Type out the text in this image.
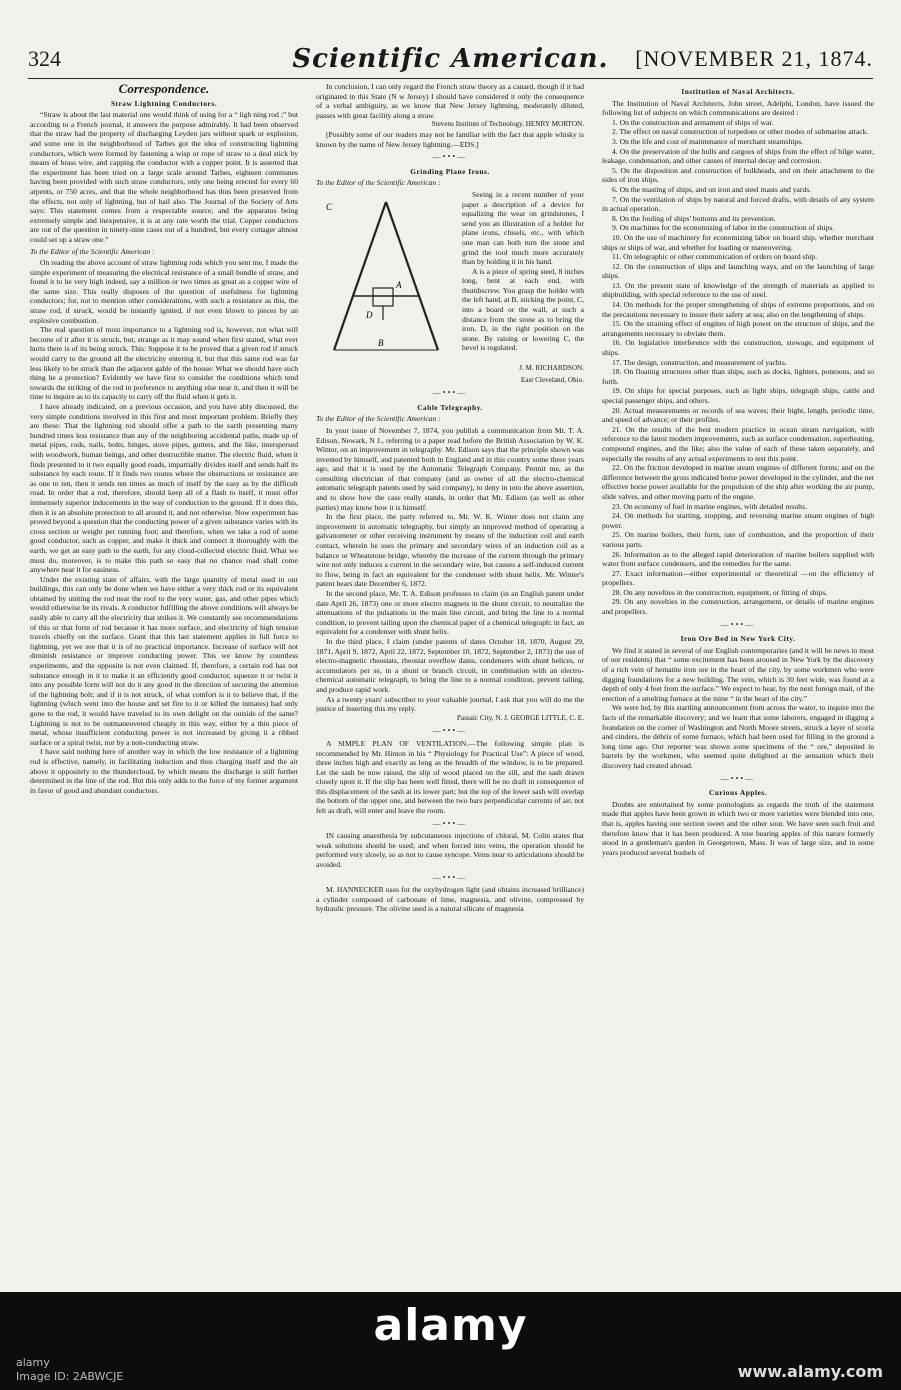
324	Scientific American.	[NOVEMBER 21, 1874.
Correspondence.
Straw Lightning Conductors.

“Straw is about the last material one would think of using for a “ ligh ning rod ;” but according to a French journal, it answers the purpose admirably. It had been observed that the straw had the property of discharging Leyden jars without spark or explosion, and some one in the neighborhood of Tarbes got the idea of constructing lightning conductors, which were formed by fastening a wisp or rope of straw to a deal stick by means of brass wire, and capping the conductor with a copper point. It is asserted that the experiment has been tried on a large scale around Tarbes, eighteen communes having been provided with such straw conductors, only one being erected for every 60 arpents, or 750 acres, and that the whole neighborhood has thus been preserved from the effects, not only of lightning, but of hail also. The Journal of the Society of Arts says: This statement comes from a respectable source; and the apparatus being extremely simple and inexpensive, it is at any rate worth the trial. Copper conductors are out of the question in ninety-nine cases out of a hundred, but every cottager almost could set up a straw one.”

To the Editor of the Scientific American :

On reading the above account of straw lightning rods which you sent me, I made the simple experiment of measuring the electrical resistance of a small bundle of straw, and found it to be very high indeed, say a million or two times as great as a copper wire of the same size. This really disposes of the question of usefulness for lightning conductors; for, not to mention other considerations, with such a resistance as this, the straw rod, if struck, would be instantly ignited, if not even blown to pieces by an explosive combustion.

The real question of most importance to a lightning rod is, however, not what will become of it after it is struck, but, strange as it may sound when first stated, what ever hurts there is of its being struck. This: Suppose it to be proved that a given rod if struck would carry to the ground all the electricity entering it, but that this same rod was far less likely to be struck than the adjacent gable of the house: What we should have such thing be a protection? Evidently we have first to consider the conditions which tend towards the striking of the rod in preference to anything else near it, and then it will be time to inquire as to its capacity to carry off the fluid when it gets it.

I have already indicated, on a previous occasion, and you have ably discussed, the very simple conditions involved in this first and most important problem. Briefly they are these: That the lightning rod should offer a path to the earth presenting many hundred times less resistance than any of the neighboring accidental paths, made up of metal pipes, rods, nails, bolts, hinges, stove pipes, gutters, and the like, interspersed with woodwork, human beings, and other destructible matter. The electric fluid, when it finds presented to it two equally good roads, impartially divides itself and sends half its substance by each route. If it finds two routes where the obstructions or resistance are as one to ten, then it sends ten times as much of itself by the easy as by the difficult road. In order that a rod, therefore, should keep all of a flash to itself, it must offer immensely superior inducements in the way of conduction to the ground. If it does this, then it is an absolute protection to all around it, and not otherwise. Now experiment has proved beyond a question that the conducting power of a given substance varies with its cross section or weight per running foot; and therefore, when we take a rod of some good conductor, such as copper, and make it thick and connect it thoroughly with the earth, we get an easy path to the earth, for any cloud-collected electric fluid. What we must do, moreover, is to make this path so easy that no chance road shall come anywhere near it for easiness.

Under the existing state of affairs, with the large quantity of metal used in our buildings, this can only be done when we have either a very thick rod or its equivalent obtained by uniting the rod near the roof to the very water, gas, and other pipes which would otherwise be its rivals. A conductor fulfilling the above conditions will always be easily able to carry all the electricity that strikes it. We constantly see recommendations of this or that form of rod because it has more surface, and electricity of high tension travels chiefly on the surface. Grant that this last statement applies in full force to lightning, yet we see that it is of no practical importance. Increase of surface will not diminish resistance or improve conducting power. This we know by countless experiments, and the opposite is not even claimed. If, therefore, a certain rod has not substance enough in it to make it an efficiently good conductor, squeeze it or twist it into any possible form will not do it any good in the direction of securing the attention of the lightning bolt; and if it is not struck, of what comfort is it to believe that, if the lightning (which went into the house and set fire to it or killed the inmates) had only gone to the rod, it would have traveled to its own delight on the outside of the same? Lightning is not to be outmaneuvered cheaply in this way, either by a thin piece of metal, whose insufficient conducting power is not increased by giving it a ribbed surface or a spiral twist, nor by a non-conducting straw.

I have said nothing here of another way in which the low resistance of a lightning rod is effective, namely, in facilitating induction and thus charging itself and the air above it oppositely to the thundercloud, by which means the discharge is still further determined in the line of the rod. But this only adds to the force of my former argument in favor of good and abundant conductors.

In conclusion, I can only regard the French straw theory as a canard, though if it had originated in this State (N w Jersey) I should have considered it only the consequence of a verbal ambiguity, as we know that New Jersey lightning, moderately diluted, passes with great facility along a straw.

Stevens Institute of Technology. HENRY MORTON.

[Possibly some of our readers may not be familiar with the fact that apple whisky is known by the name of New Jersey lightning.—EDS.]

—•••—
Grinding Plane Irons.
To the Editor of the Scientific American :
C
A
D
B

Seeing in a recent number of your paper a description of a device for equalizing the wear on grindstones, I send you an illustration of a holder for plane irons, chisels, etc., with which one man can both turn the stone and grind the tool much more accurately than by holding it in his hand.

A is a piece of spring steel, 8 inches long, bent at each end, with thumbscrew. You grasp the holder with the left hand, at B, sticking the point, C, into a board or the wall, at such a distance from the stone as to bring the iron, D, in the right position on the stone. By raising or lowering C, the bevel is regulated.

J. M. RICHARDSON.
East Cleveland, Ohio.
—•••—
Cable Telegraphy.
To the Editor of the Scientific American :

In your issue of November 7, 1874, you publish a communication from Mr. T. A. Edison, Newark, N J., referring to a paper read before the British Association by W. K. Winter, on an improvement in telegraphy. Mr. Edison says that the principle shown was invented by himself, and patented both in England and in this country some three years ago, and that it is used by the Automatic Telegraph Company. Permit me, as the consulting electrician of that company (and as owner of all the electro-chemical automatic telegraph patents used by said company), to deny in toto the above assertion, and to show how the case really stands, in order that Mr. Edison (as well as other parties) may know how it is himself.

In the first place, the party referred to, Mr. W. K. Winter does not claim any improvement in automatic telegraphy, but simply an improved method of operating a galvanometer or other receiving instrument by means of the induction coil and earth contact, wherein he uses the primary and secondary wires of an induction coil as a balance or Wheatstone bridge, whereby the increase of the current through the primary wire not only induces a current in the secondary wire, but causes a self-induced current to flow, being in fact an equivalent for the condenser with shunt helix. Mr. Winter's patent bears date December 6, 1872.

In the second place, Mr. T. A. Edison professes to claim (in an English patent under date April 26, 1873) one or more electro magnets in the shunt circuit, to neutralize the attenuations of the pulsations in the main line circuit, and bring the line to a normal condition, to prevent tailing upon the chemical paper of a chemical telegraph: in fact, an equivalent for a condenser with shunt helix.

In the third place, I claim (under patents of dates October 18, 1870, August 29, 1871, April 9, 1872, April 22, 1872, September 10, 1872, September 2, 1873) the use of electro-magnetic rheostats, rheostat overflow dams, condensers with shunt helices, or accumulators per se, in a shunt or branch circuit, in combination with an electro-chemical automatic telegraph, to bring the line to a normal condition, prevent tailing, and produce rapid work.

As a twenty years' subscriber to your valuable journal, I ask that you will do me the justice of inserting this my reply.

Passaic City, N. J. GEORGE LITTLE, C. E.
—•••—

A SIMPLE PLAN OF VENTILATION.—The following simple plan is recommended by Mr. Hinton in his “ Physiology for Practical Use”: A piece of wood, three inches high and exactly as long as the breadth of the window, is to be prepared. Let the sash be now raised, the slip of wood placed on the sill, and the sash drawn closely upon it. If the slip has been well fitted, there will be no draft in consequence of this displacement of the sash at its lower part; but the top of the lower sash will overlap the bottom of the upper one, and between the two bars perpendicular currents of air, not felt as draft, will enter and leave the room.

—•••—

IN causing anaesthesia by subcutaneous injections of chloral, M. Colin states that weak solutions should be used; and when forced into veins, the operation should be performed very slowly, so as not to cause syncope. Veins near to articulations should be avoided.

—•••—

M. HANNECKER uses for the oxyhydrogen light (and obtains increased brilliance) a cylinder composed of carbonate of lime, magnesia, and olivine, compressed by hydraulic pressure. The olivine used is a natural silicate of magnesia

Institution of Naval Architects.

The Institution of Naval Architects, John street, Adelphi, London, have issued the following list of subjects on which communications are desired :

1. On the construction and armament of ships of war.

2. The effect on naval construction of torpedoes or other modes of submarine attack.

3. On the life and cost of maintenance of merchant steamships.

4. On the preservation of the hulls and cargoes of ships from the effect of bilge water, leakage, condensation, and other causes of internal decay and corrosion.

5. On the disposition and construction of bulkheads, and on their attachment to the sides of iron ships.

6. On the masting of ships, and on iron and steel masts and yards.

7. On the ventilation of ships by natural and forced drafts, with details of any system in actual operation.

8. On the fouling of ships' bottoms and its prevention.

9. On machines for the economizing of labor in the construction of ships.

10. On the use of machinery for economizing labor on board ship, whether merchant ships or ships of war, and whether for loading or maneuvering.

11. On telegraphic or other communication of orders on board ship.

12. On the construction of slips and launching ways, and on the launching of large ships.

13. On the present state of knowledge of the strength of materials as applied to shipbuilding, with special reference to the use of steel.

14. On methods for the proper strengthening of ships of extreme proportions, and on the precautions necessary to insure their safety at sea; also on the lengthening of ships.

15. On the straining effect of engines of high power on the structure of ships, and the arrangements necessary to obviate them.

16. On legislative interference with the construction, stowage, and equipment of ships.

17. The design, construction, and measurement of yachts.

18. On floating structures other than ships, such as docks, lighters, pontoons, and so forth.

19. On ships for special purposes, such as light ships, telegraph ships, cattle and special passenger ships, and others.

20. Actual measurements or records of sea waves; their bight, length, periodic time, and speed of advance; or their profiles.

21. On the results of the best modern practice in ocean steam navigation, with reference to the latest modern improvements, such as surface condensation, superheating, compound engines, and the like; also the value of each of these taken separately, and especially the results of any actual experiments to test this point.

22. On the friction developed in marine steam engines of different forms; and on the difference between the gross indicated horse power developed in the cylinder, and the net effective horse power available for the propulsion of the ship after working the air pump, slide valves, and other moving parts of the engine.

23. On economy of fuel in marine engines, with detailed results.

24. On methods for starting, stopping, and reversing marine steam engines of high power.

25. On marine boilers, their form, rate of combustion, and the proportion of their various parts.

26. Information as to the alleged rapid deterioration of marine boilers supplied with water from surface condensers, and the remedies for the same.

27. Exact information—either experimental or theoretical —on the efficiency of propellers.

28. On any novelties in the construction, equipment, or fitting of ships.

29. On any novelties in the construction, arrangement, or details of marine engines and propellers.

—•••—
Iron Ore Bed in New York City.

We find it stated in several of our English contemporaries (and it will be news to most of our residents) that “ some excitement has been aroused in New York by the discovery of a rich vein of hematite iron ore in the heart of the city, by some workmen who were digging foundations for a new building. The vein, which is 30 feet wide, was found at a depth of only 4 feet from the surface.” We expect to hear, by the next foreign mail, of the erection of a smelting furnace at the mine “ in the heart of the city.”

We were led, by this startling announcement from across the water, to inquire into the facts of the remarkable discovery; and we learn that some laborers, engaged in digging a foundation on the corner of Washington and North Moore streets, struck a layer of scoria and cinders, the débris of some furnace, which had been used for filling in the ground a long time ago. Our reporter was shown some specimens of the “ ore,” deposited in barrels by the workmen, who seemed quite delighted at the sensation which their discovery had created abroad.

—•••—
Curious Apples.

Doubts are entertained by some pomologists as regards the truth of the statement made that apples have been grown in which two or more varieties were blended into one, that is, apples having one section sweet and the other sour. We have seen such fruit and therefore know that it has been produced. A tree bearing apples of this nature formerly stood in a gentleman's garden in Georgetown, Mass. It was of large size, and in some years produced several bushels of

alamy
alamy
Image ID: 2ABWCJE	www.alamy.com
